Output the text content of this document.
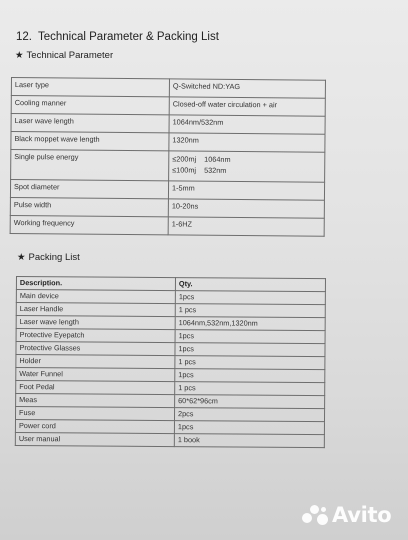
12. Technical Parameter & Packing List
★ Technical Parameter
Laser type	Q-Switched ND:YAG
Cooling manner	Closed-off water circulation + air
Laser wave length	1064nm/532nm
Black moppet wave length	1320nm
Single pulse energy	≤200mj 1064nm
≤100mj 532nm

Spot diameter	1-5mm
Pulse width	10-20ns
Working frequency	1-6HZ
★ Packing List
Description.	Qty.
Main device	1pcs
Laser Handle	1 pcs
Laser wave length	1064nm,532nm,1320nm
Protective Eyepatch	1pcs
Protective Glasses	1pcs
Holder	1 pcs
Water Funnel	1pcs
Foot Pedal	1 pcs
Meas	60*62*96cm
Fuse	2pcs
Power cord	1pcs
User manual	1 book
Avito
